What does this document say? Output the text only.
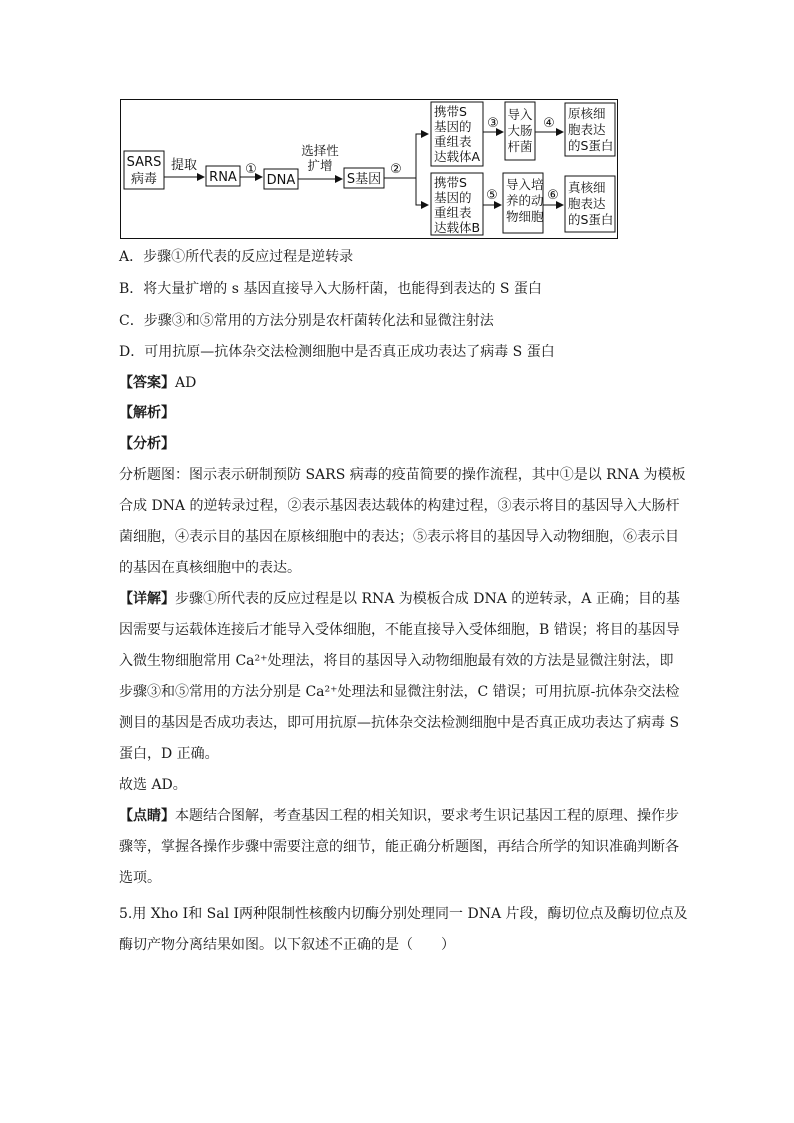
SARS
病毒
提取
RNA
①
DNA
选择性
扩增
S基因
②
携带S
基因的
重组表
达载体A
携带S
基因的
重组表
达载体B
③
导入
大肠
杆菌
④
原核细
胞表达
的S蛋白
⑤
导入培
养的动
物细胞
⑥
真核细
胞表达
的S蛋白
A．步骤①所代表的反应过程是逆转录
B．将大量扩增的 s 基因直接导入大肠杆菌，也能得到表达的 S 蛋白
C．步骤③和⑤常用的方法分别是农杆菌转化法和显微注射法
D．可用抗原—抗体杂交法检测细胞中是否真正成功表达了病毒 S 蛋白
【答案】AD
【解析】
【分析】
分析题图：图示表示研制预防 SARS 病毒的疫苗简要的操作流程，其中①是以 RNA 为模板
合成 DNA 的逆转录过程，②表示基因表达载体的构建过程，③表示将目的基因导入大肠杆
菌细胞，④表示目的基因在原核细胞中的表达；⑤表示将目的基因导入动物细胞，⑥表示目
的基因在真核细胞中的表达。
【详解】步骤①所代表的反应过程是以 RNA 为模板合成 DNA 的逆转录，A 正确；目的基
因需要与运载体连接后才能导入受体细胞，不能直接导入受体细胞，B 错误；将目的基因导
入微生物细胞常用 Ca²⁺处理法，将目的基因导入动物细胞最有效的方法是显微注射法，即
步骤③和⑤常用的方法分别是 Ca²⁺处理法和显微注射法，C 错误；可用抗原-抗体杂交法检
测目的基因是否成功表达，即可用抗原—抗体杂交法检测细胞中是否真正成功表达了病毒 S
蛋白，D 正确。
故选 AD。
【点睛】本题结合图解，考查基因工程的相关知识，要求考生识记基因工程的原理、操作步
骤等，掌握各操作步骤中需要注意的细节，能正确分析题图，再结合所学的知识准确判断各
选项。
5.用 Xho Ⅰ和 Sal Ⅰ两种限制性核酸内切酶分别处理同一 DNA 片段，酶切位点及酶切位点及
酶切产物分离结果如图。以下叙述不正确的是（　　）
